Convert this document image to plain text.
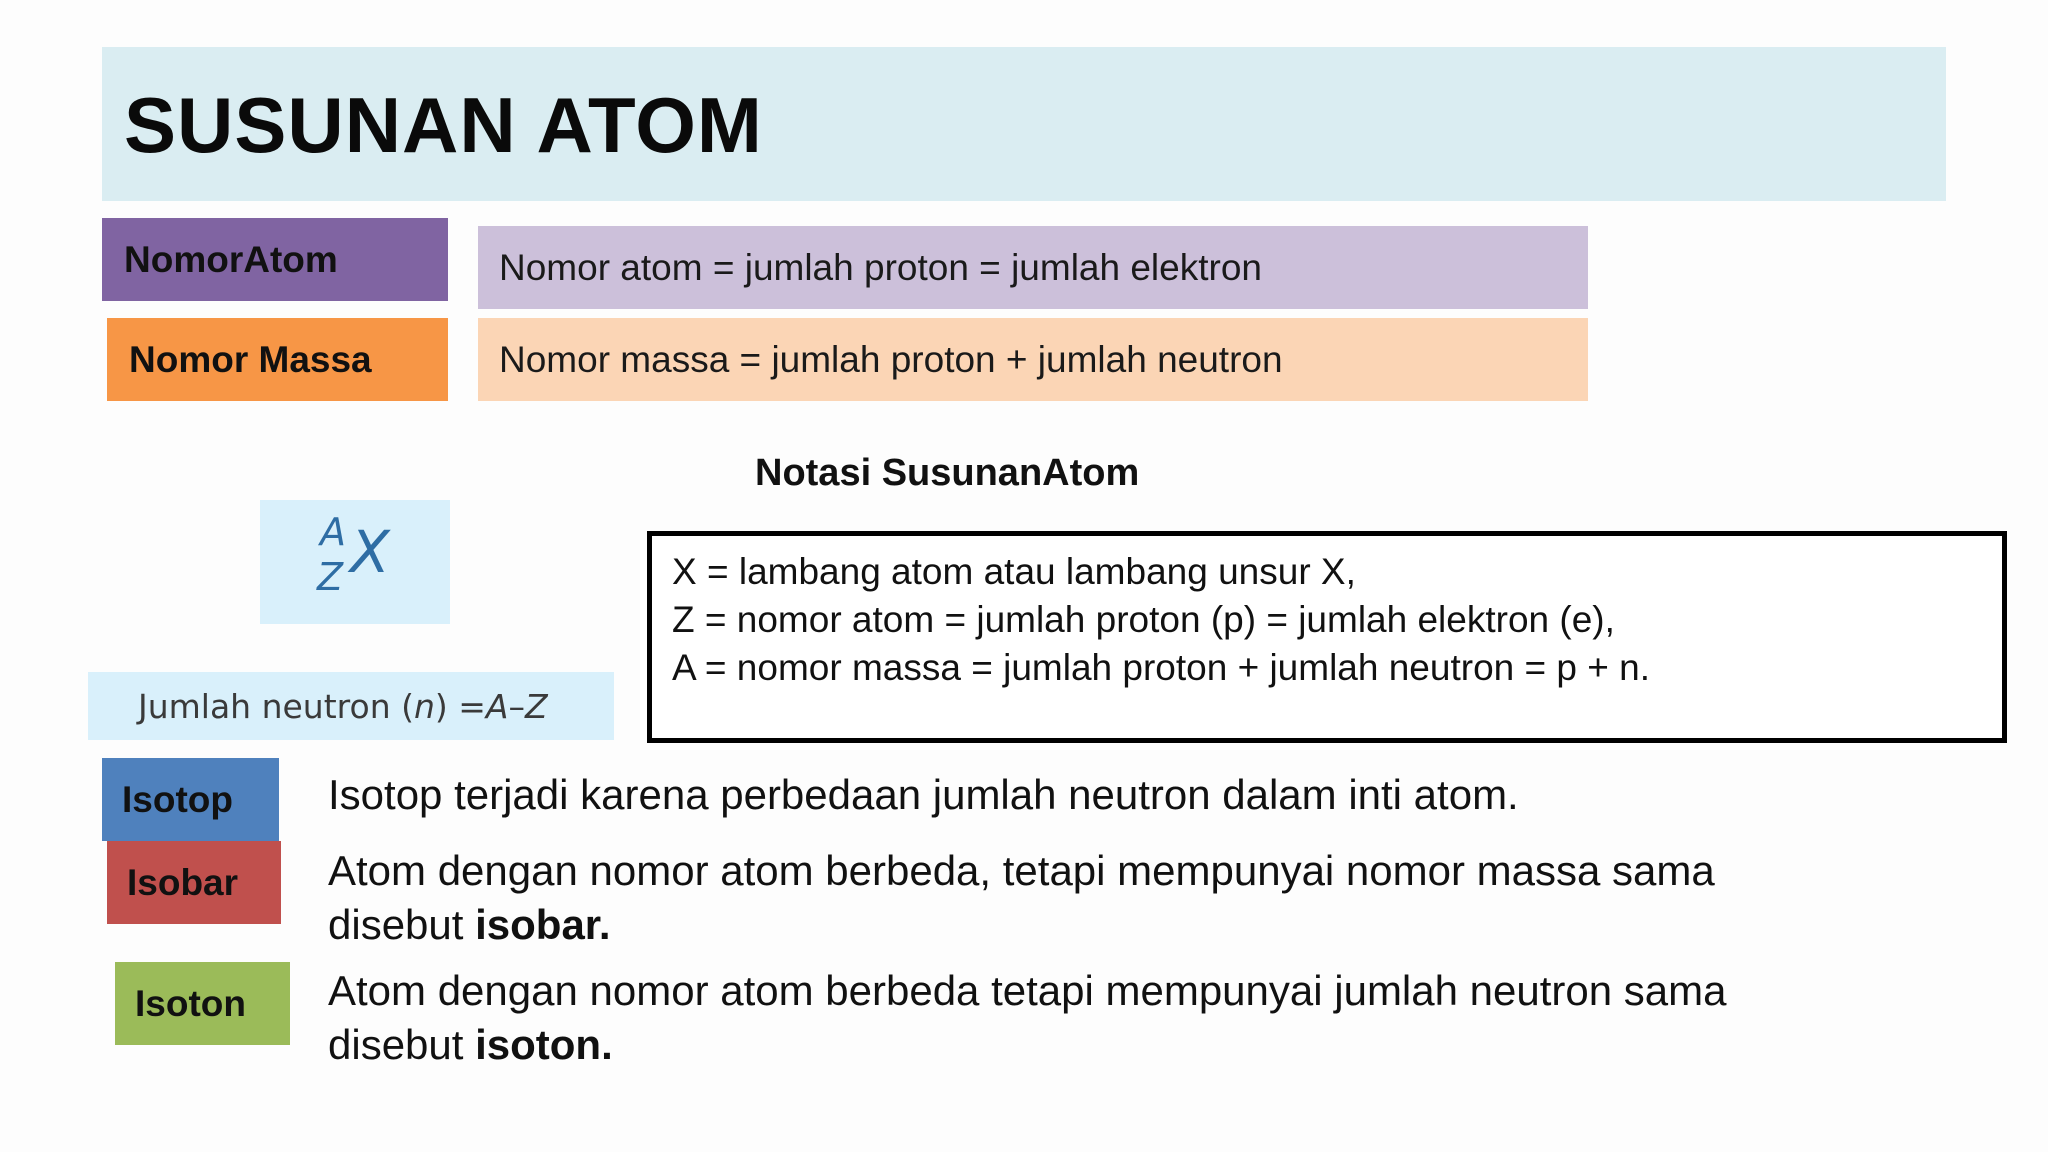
SUSUNAN ATOM
NomorAtom	Nomor atom = jumlah proton = jumlah elektron
Nomor Massa	Nomor massa = jumlah proton + jumlah neutron
Notasi SusunanAtom
A
Z X
Jumlah neutron ( n ) = A – Z
X = lambang atom atau lambang unsur X,
Z = nomor atom = jumlah proton (p) = jumlah elektron (e),
A = nomor massa = jumlah proton + jumlah neutron = p + n.
Isotop	Isotop terjadi karena perbedaan jumlah neutron dalam inti atom.
Isobar	Atom dengan nomor atom berbeda, tetapi mempunyai nomor massa sama
disebut isobar.
Isoton	Atom dengan nomor atom berbeda tetapi mempunyai jumlah neutron sama
disebut isoton.
